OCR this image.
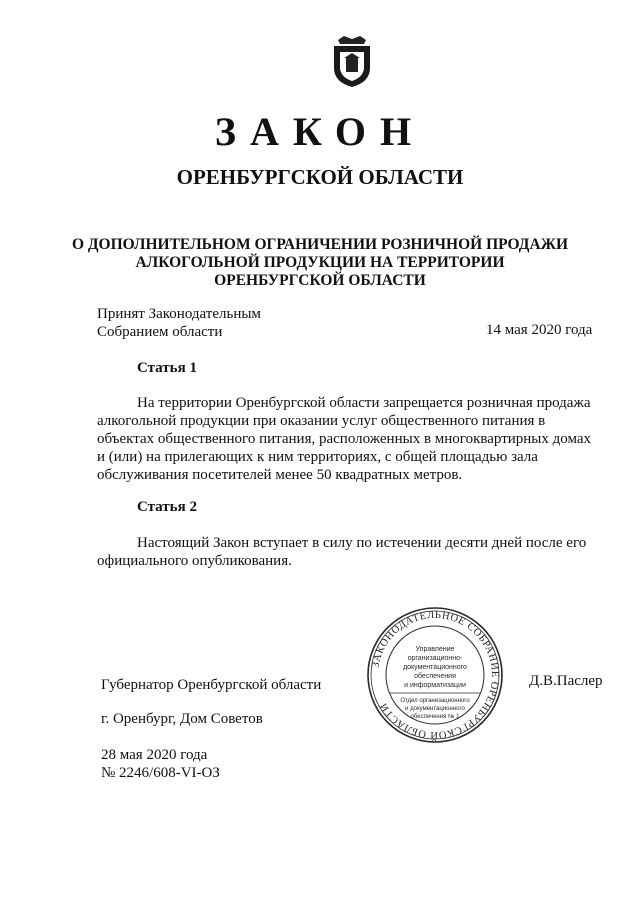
ЗАКОН
ОРЕНБУРГСКОЙ ОБЛАСТИ
О ДОПОЛНИТЕЛЬНОМ ОГРАНИЧЕНИИ РОЗНИЧНОЙ ПРОДАЖИ
АЛКОГОЛЬНОЙ ПРОДУКЦИИ НА ТЕРРИТОРИИ
ОРЕНБУРГСКОЙ ОБЛАСТИ
Принят Законодательным
Собранием области	14 мая 2020 года
Статья 1
На территории Оренбургской области запрещается розничная продажа
алкогольной продукции при оказании услуг общественного питания в
объектах общественного питания, расположенных в многоквартирных домах
и (или) на прилегающих к ним территориях, с общей площадью зала
обслуживания посетителей менее 50 квадратных метров.
Статья 2
Настоящий Закон вступает в силу по истечении десяти дней после его
официального опубликования.
Губернатор Оренбургской области	Д.В.Паслер
г. Оренбург, Дом Советов
28 мая 2020 года
№ 2246/608-VI-ОЗ
ЗАКОНОДАТЕЛЬНОЕ СОБРАНИЕ ОРЕНБУРГСКОЙ ОБЛАСТИ
Управление
организационно-
документационного
обеспечения
и информатизации
Отдел организационного
и документационного
обеспечения № 1
